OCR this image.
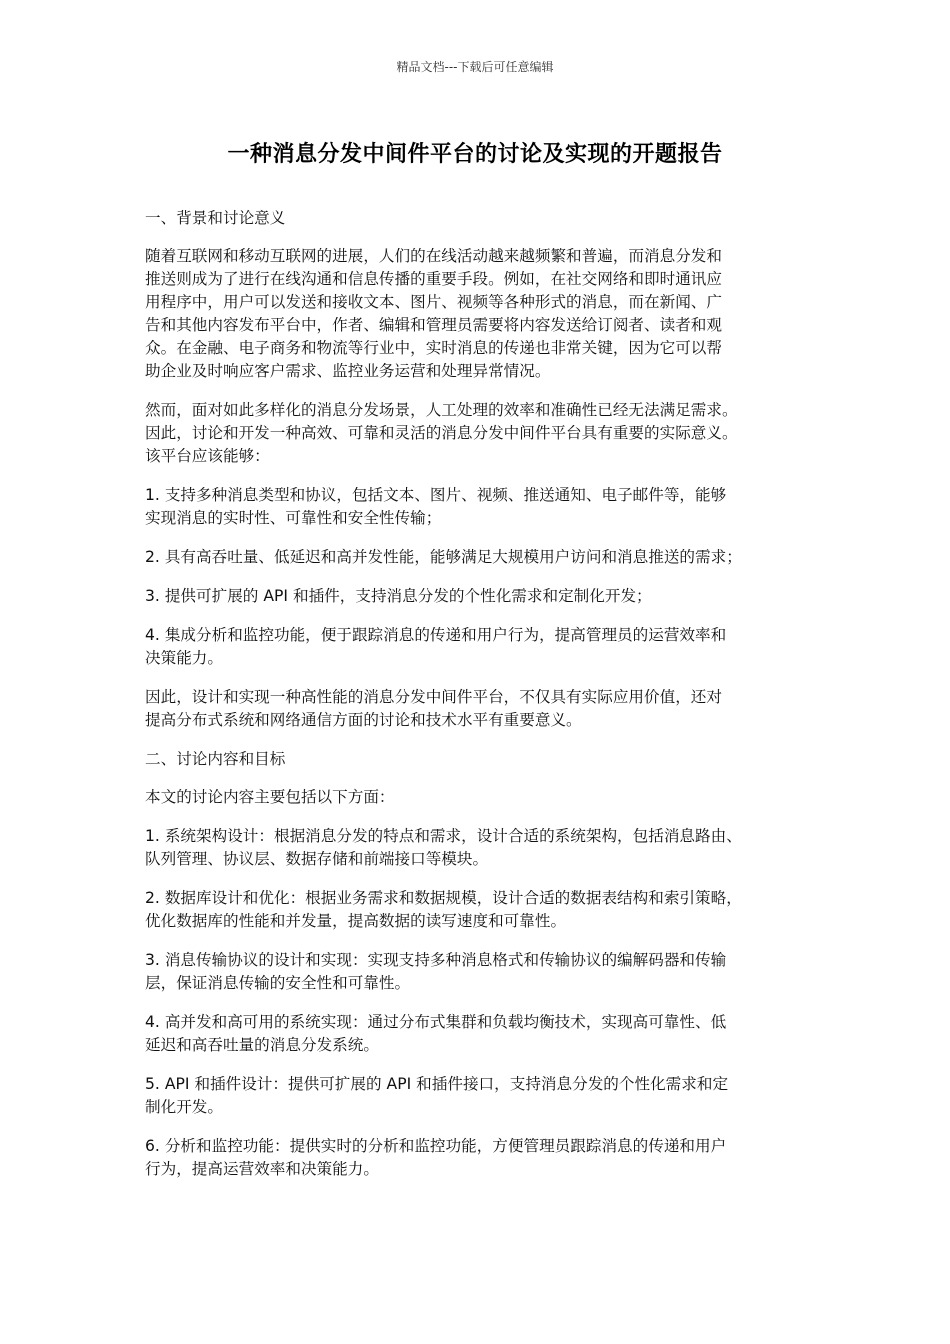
精品文档---下载后可任意编辑
一种消息分发中间件平台的讨论及实现的开题报告

一、背景和讨论意义

随着互联网和移动互联网的进展，人们的在线活动越来越频繁和普遍，而消息分发和
推送则成为了进行在线沟通和信息传播的重要手段。例如，在社交网络和即时通讯应
用程序中，用户可以发送和接收文本、图片、视频等各种形式的消息，而在新闻、广
告和其他内容发布平台中，作者、编辑和管理员需要将内容发送给订阅者、读者和观
众。在金融、电子商务和物流等行业中，实时消息的传递也非常关键，因为它可以帮
助企业及时响应客户需求、监控业务运营和处理异常情况。

然而，面对如此多样化的消息分发场景，人工处理的效率和准确性已经无法满足需求。
因此，讨论和开发一种高效、可靠和灵活的消息分发中间件平台具有重要的实际意义。
该平台应该能够：

1. 支持多种消息类型和协议，包括文本、图片、视频、推送通知、电子邮件等，能够
实现消息的实时性、可靠性和安全性传输；

2. 具有高吞吐量、低延迟和高并发性能，能够满足大规模用户访问和消息推送的需求；

3. 提供可扩展的 API 和插件，支持消息分发的个性化需求和定制化开发；

4. 集成分析和监控功能，便于跟踪消息的传递和用户行为，提高管理员的运营效率和
决策能力。

因此，设计和实现一种高性能的消息分发中间件平台，不仅具有实际应用价值，还对
提高分布式系统和网络通信方面的讨论和技术水平有重要意义。

二、讨论内容和目标

本文的讨论内容主要包括以下方面：

1. 系统架构设计：根据消息分发的特点和需求，设计合适的系统架构，包括消息路由、
队列管理、协议层、数据存储和前端接口等模块。

2. 数据库设计和优化：根据业务需求和数据规模，设计合适的数据表结构和索引策略，
优化数据库的性能和并发量，提高数据的读写速度和可靠性。

3. 消息传输协议的设计和实现：实现支持多种消息格式和传输协议的编解码器和传输
层，保证消息传输的安全性和可靠性。

4. 高并发和高可用的系统实现：通过分布式集群和负载均衡技术，实现高可靠性、低
延迟和高吞吐量的消息分发系统。

5. API 和插件设计：提供可扩展的 API 和插件接口，支持消息分发的个性化需求和定
制化开发。

6. 分析和监控功能：提供实时的分析和监控功能，方便管理员跟踪消息的传递和用户
行为，提高运营效率和决策能力。
